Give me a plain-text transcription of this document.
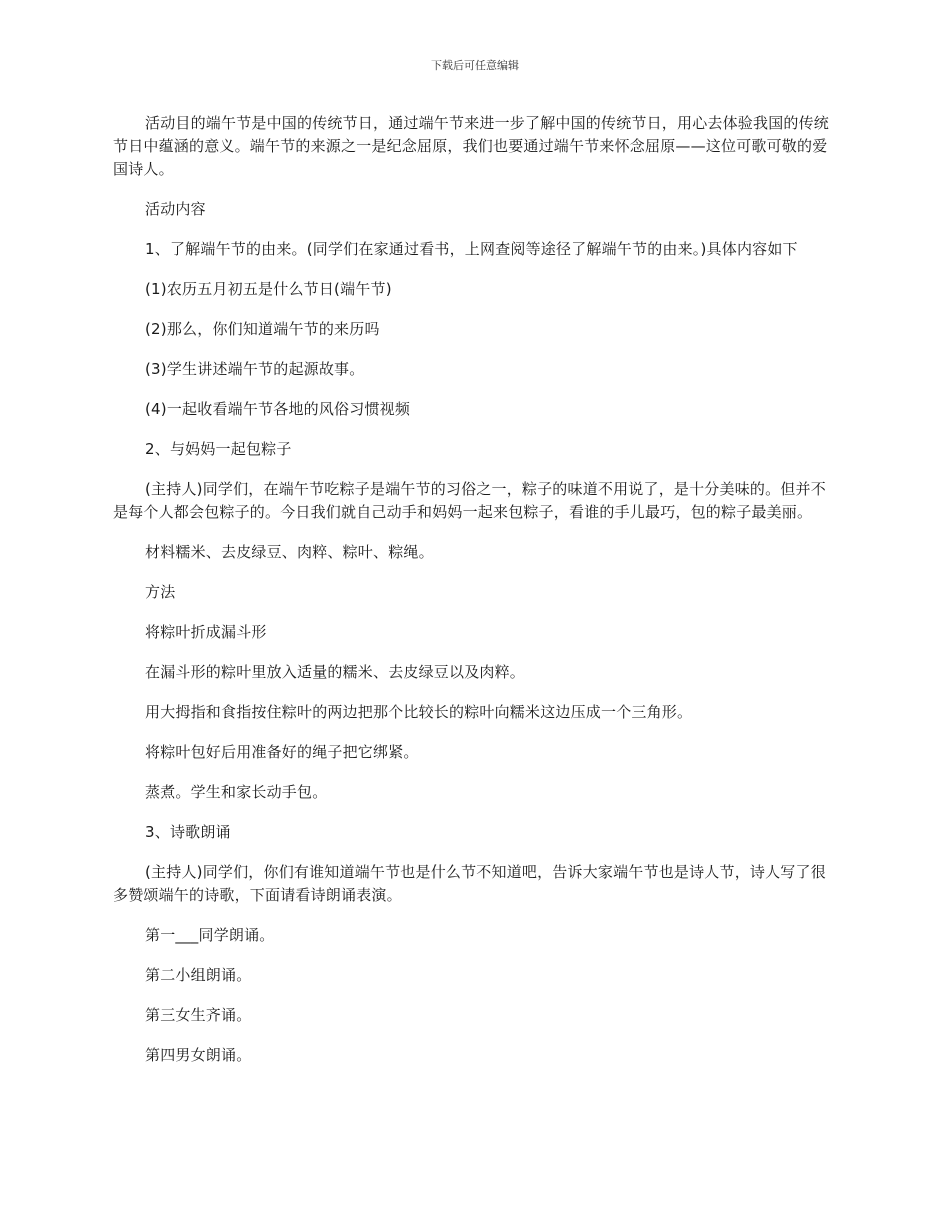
下载后可任意编辑

活动目的端午节是中国的传统节日，通过端午节来进一步了解中国的传统节日，用心去体验我国的传统节日中蕴涵的意义。端午节的来源之一是纪念屈原，我们也要通过端午节来怀念屈原——这位可歌可敬的爱国诗人。

活动内容

1、了解端午节的由来。(同学们在家通过看书，上网查阅等途径了解端午节的由来。)具体内容如下

(1)农历五月初五是什么节日(端午节)

(2)那么，你们知道端午节的来历吗

(3)学生讲述端午节的起源故事。

(4)一起收看端午节各地的风俗习惯视频

2、与妈妈一起包粽子

(主持人)同学们，在端午节吃粽子是端午节的习俗之一，粽子的味道不用说了，是十分美味的。但并不是每个人都会包粽子的。今日我们就自己动手和妈妈一起来包粽子，看谁的手儿最巧，包的粽子最美丽。

材料糯米、去皮绿豆、肉粹、粽叶、粽绳。

方法

将粽叶折成漏斗形

在漏斗形的粽叶里放入适量的糯米、去皮绿豆以及肉粹。

用大拇指和食指按住粽叶的两边把那个比较长的粽叶向糯米这边压成一个三角形。

将粽叶包好后用准备好的绳子把它绑紧。

蒸煮。学生和家长动手包。

3、诗歌朗诵

(主持人)同学们，你们有谁知道端午节也是什么节不知道吧，告诉大家端午节也是诗人节，诗人写了很多赞颂端午的诗歌，下面请看诗朗诵表演。

第一___同学朗诵。

第二小组朗诵。

第三女生齐诵。

第四男女朗诵。
